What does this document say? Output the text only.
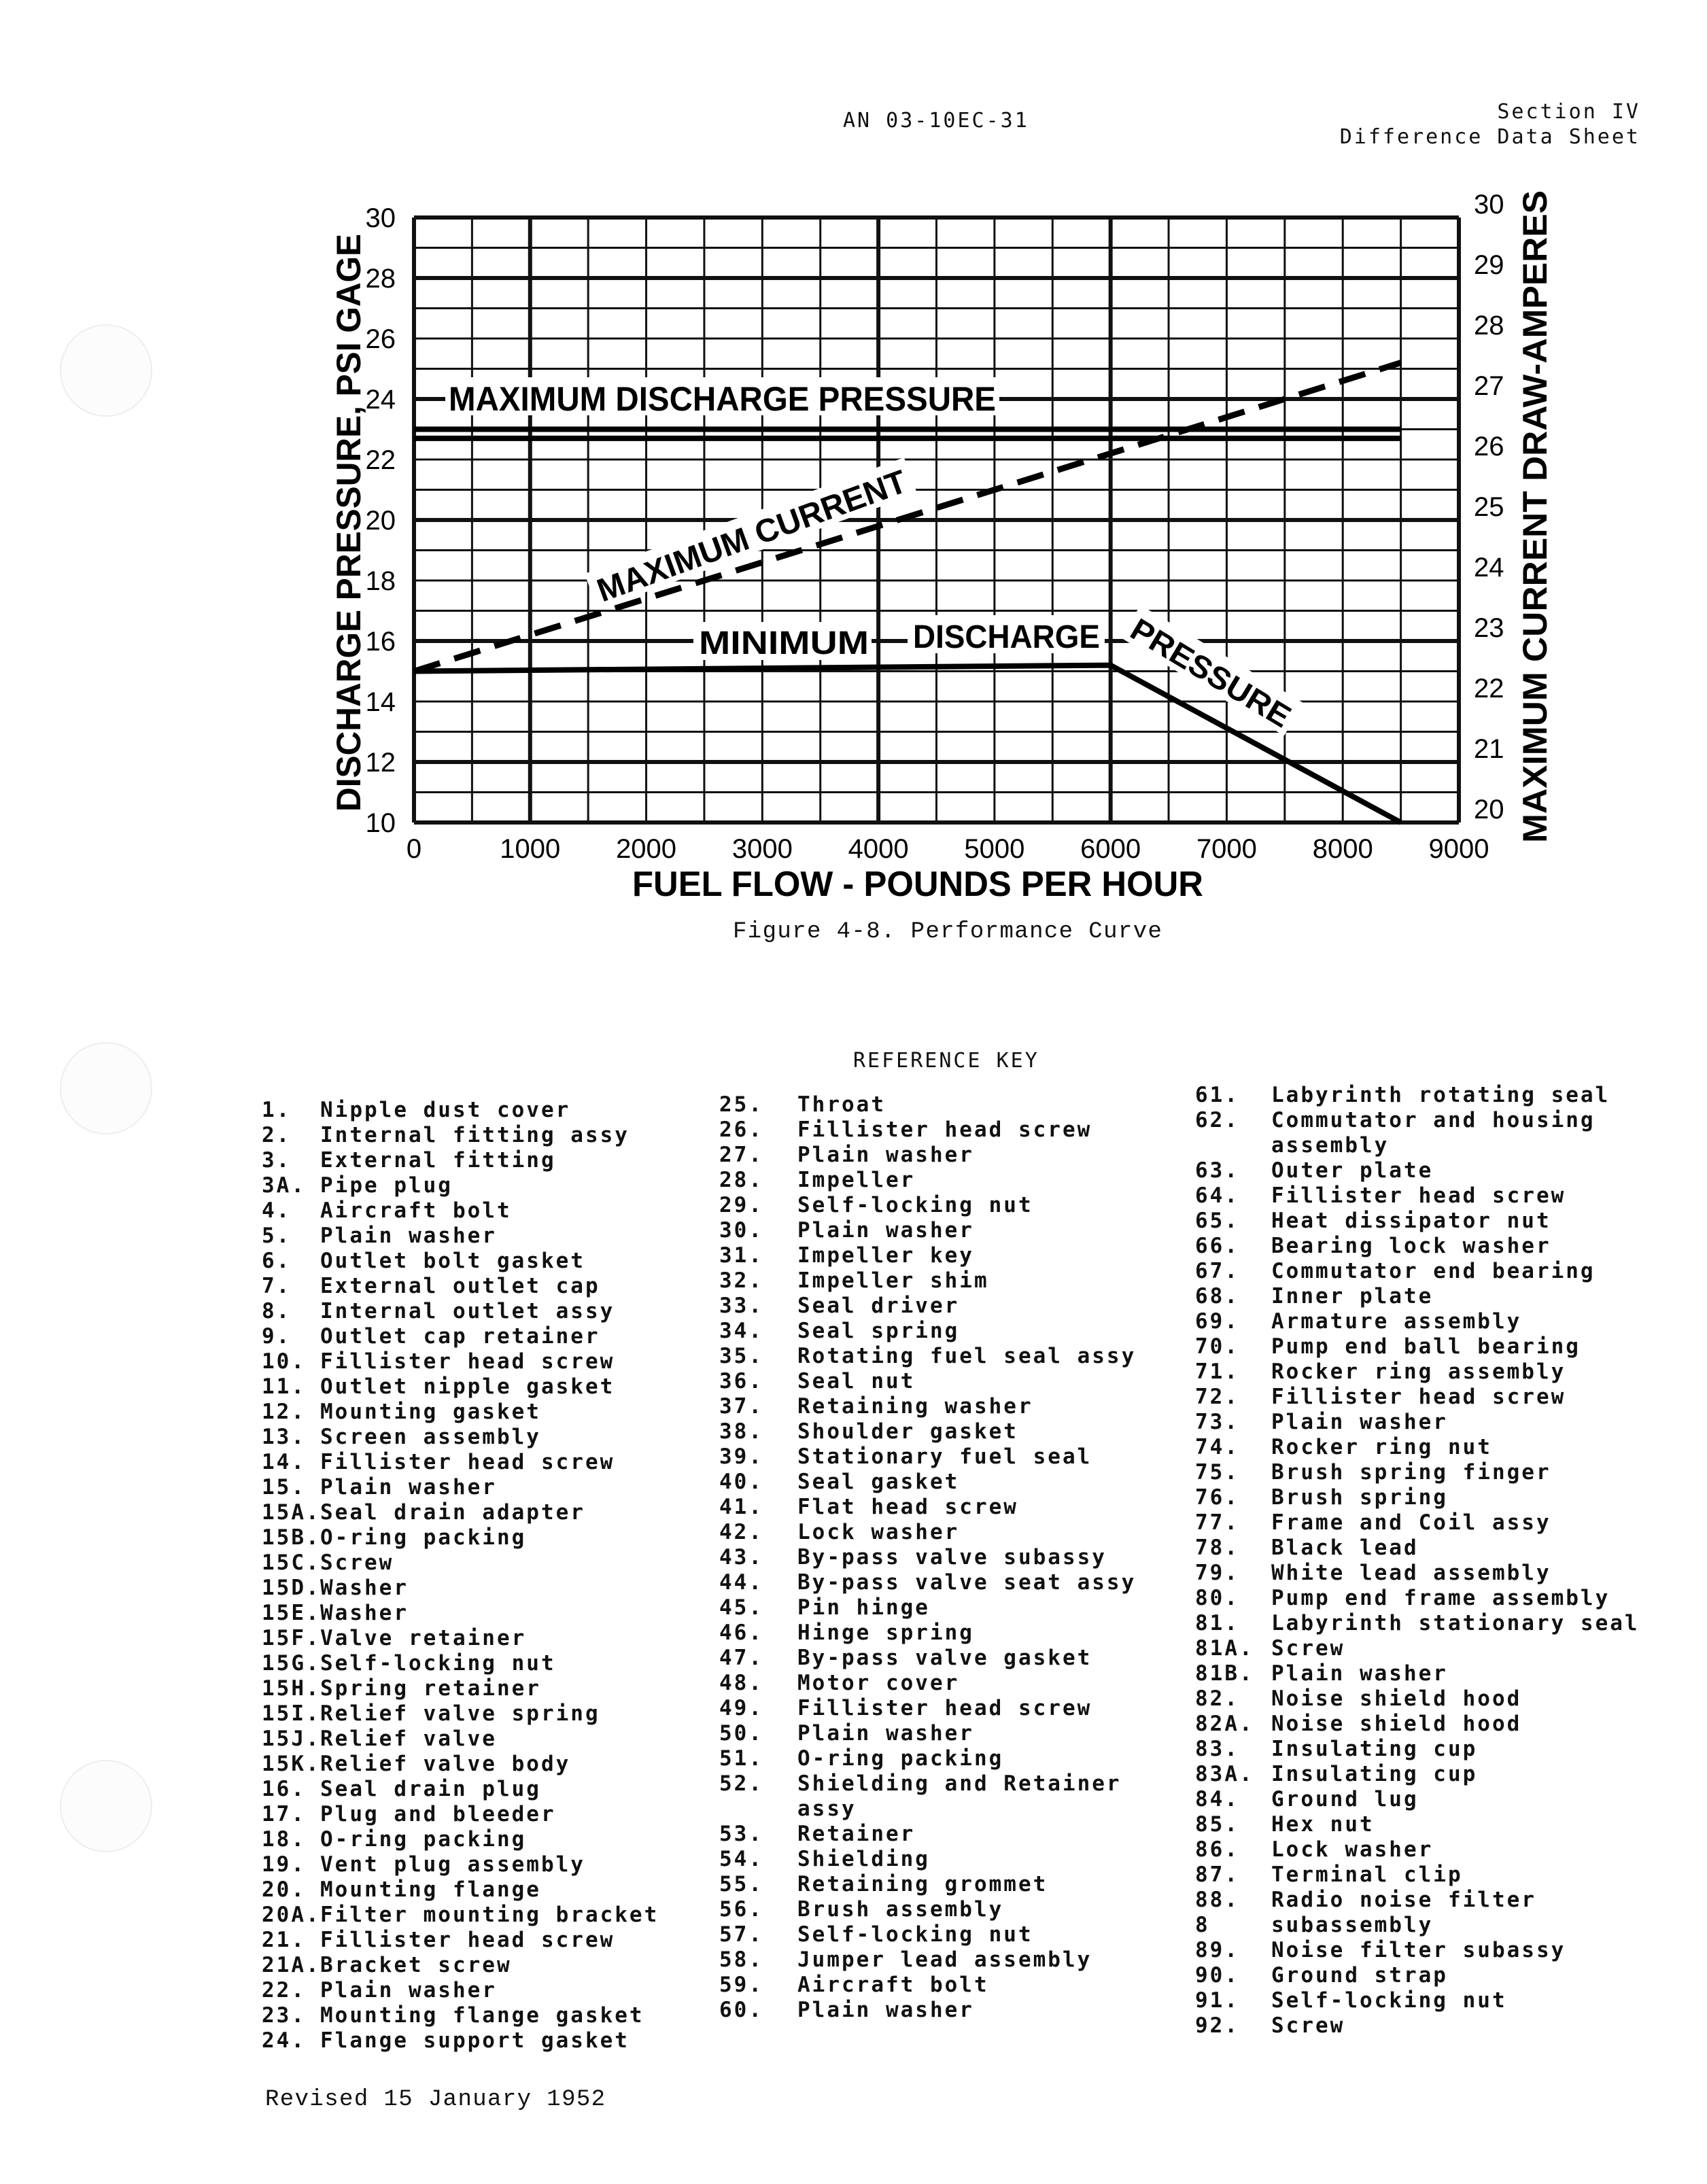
AN 03-10EC-31	Section IV
Difference Data Sheet
0	1000 2000 3000 4000 5000 6000 7000 8000 9000
10
12
14
16
18
20
22
24
26
28
30
20
21
22
23
24
25
26
27
28
29
30
MAXIMUM DISCHARGE PRESSURE
MAXIMUM CURRENT
MINIMUM DISCHARGE PRESSURE
DISCHARGE PRESSURE, PSI GAGE	MAXIMUM CURRENT DRAW-AMPERES
FUEL FLOW - POUNDS PER HOUR
Figure 4-8. Performance Curve
REFERENCE KEY
1. Nipple dust cover
2. Internal fitting assy
3. External fitting
3A. Pipe plug
4. Aircraft bolt
5. Plain washer
6. Outlet bolt gasket
7. External outlet cap
8. Internal outlet assy
9. Outlet cap retainer
10. Fillister head screw
11. Outlet nipple gasket
12. Mounting gasket
13. Screen assembly
14. Fillister head screw
15. Plain washer
15A. Seal drain adapter
15B. O-ring packing
15C. Screw
15D. Washer
15E. Washer
15F. Valve retainer
15G. Self-locking nut
15H. Spring retainer
15I. Relief valve spring
15J. Relief valve
15K. Relief valve body
16. Seal drain plug
17. Plug and bleeder
18. O-ring packing
19. Vent plug assembly
20. Mounting flange
20A. Filter mounting bracket
21. Fillister head screw
21A. Bracket screw
22. Plain washer
23. Mounting flange gasket
24. Flange support gasket
25. Throat
26. Fillister head screw
27. Plain washer
28. Impeller
29. Self-locking nut
30. Plain washer
31. Impeller key
32. Impeller shim
33. Seal driver
34. Seal spring
35. Rotating fuel seal assy
36. Seal nut
37. Retaining washer
38. Shoulder gasket
39. Stationary fuel seal
40. Seal gasket
41. Flat head screw
42. Lock washer
43. By-pass valve subassy
44. By-pass valve seat assy
45. Pin hinge
46. Hinge spring
47. By-pass valve gasket
48. Motor cover
49. Fillister head screw
50. Plain washer
51. O-ring packing
52. Shielding and Retainer
assy
53. Retainer
54. Shielding
55. Retaining grommet
56. Brush assembly
57. Self-locking nut
58. Jumper lead assembly
59. Aircraft bolt
60. Plain washer
61. Labyrinth rotating seal
62. Commutator and housing
assembly
63. Outer plate
64. Fillister head screw
65. Heat dissipator nut
66. Bearing lock washer
67. Commutator end bearing
68. Inner plate
69. Armature assembly
70. Pump end ball bearing
71. Rocker ring assembly
72. Fillister head screw
73. Plain washer
74. Rocker ring nut
75. Brush spring finger
76. Brush spring
77. Frame and Coil assy
78. Black lead
79. White lead assembly
80. Pump end frame assembly
81. Labyrinth stationary seal
81A. Screw
81B. Plain washer
82. Noise shield hood
82A. Noise shield hood
83. Insulating cup
83A. Insulating cup
84. Ground lug
85. Hex nut
86. Lock washer
87. Terminal clip
88. Radio noise filter
8	subassembly
89. Noise filter subassy
90. Ground strap
91. Self-locking nut
92. Screw
Revised 15 January 1952
